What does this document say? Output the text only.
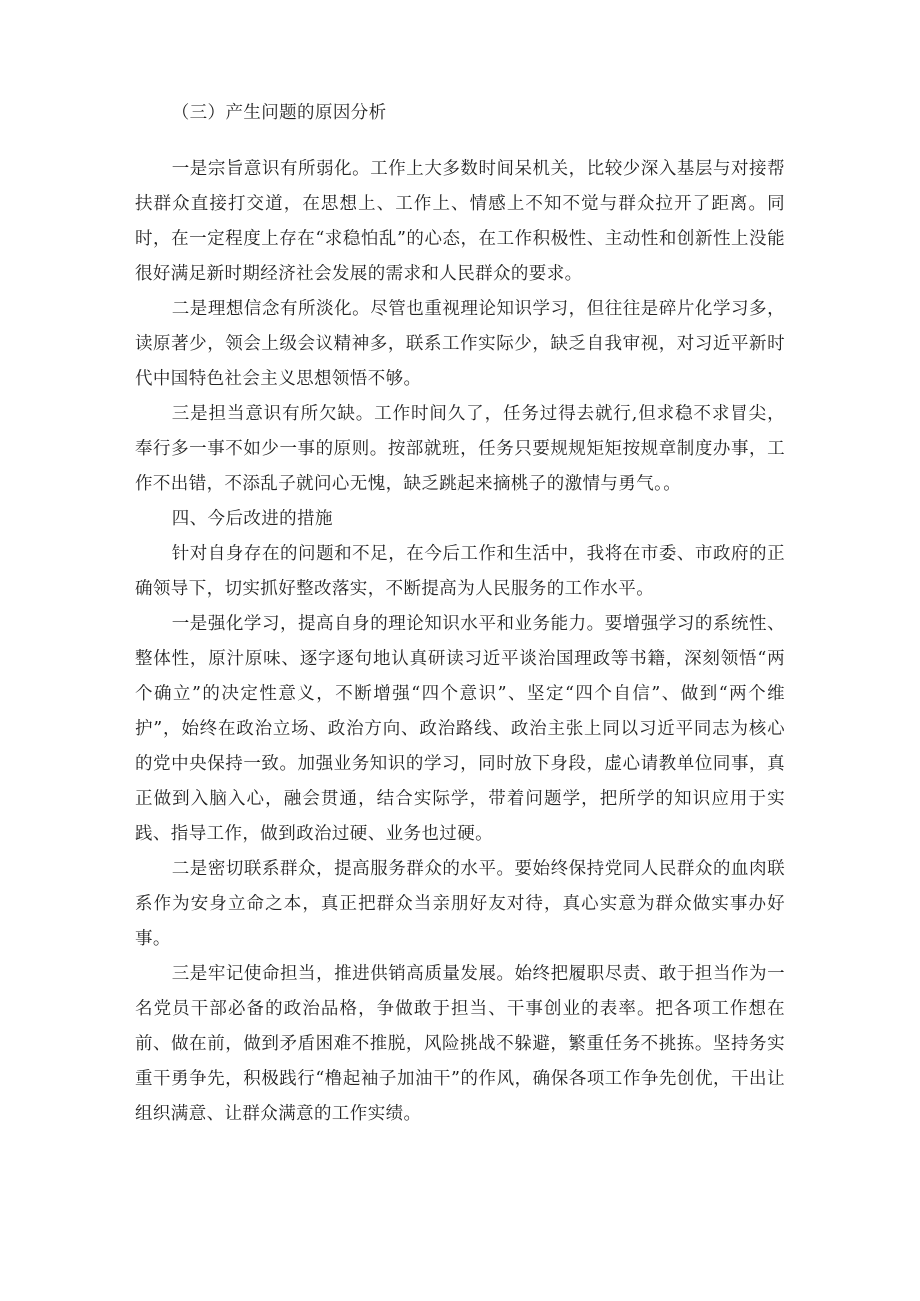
（三）产生问题的原因分析

一是宗旨意识有所弱化。工作上大多数时间呆机关，比较少深入基层与对接帮扶群众直接打交道，在思想上、工作上、情感上不知不觉与群众拉开了距离。同时，在一定程度上存在“求稳怕乱”的心态，在工作积极性、主动性和创新性上没能很好满足新时期经济社会发展的需求和人民群众的要求。

二是理想信念有所淡化。尽管也重视理论知识学习，但往往是碎片化学习多，读原著少，领会上级会议精神多，联系工作实际少，缺乏自我审视，对习近平新时代中国特色社会主义思想领悟不够。

三是担当意识有所欠缺。工作时间久了，任务过得去就行,但求稳不求冒尖，奉行多一事不如少一事的原则。按部就班，任务只要规规矩矩按规章制度办事，工作不出错，不添乱子就问心无愧，缺乏跳起来摘桃子的激情与勇气。。

四、今后改进的措施

针对自身存在的问题和不足，在今后工作和生活中，我将在市委、市政府的正确领导下，切实抓好整改落实，不断提高为人民服务的工作水平。

一是强化学习，提高自身的理论知识水平和业务能力。要增强学习的系统性、整体性，原汁原味、逐字逐句地认真研读习近平谈治国理政等书籍，深刻领悟“两个确立”的决定性意义，不断增强“四个意识”、坚定“四个自信”、做到“两个维护”，始终在政治立场、政治方向、政治路线、政治主张上同以习近平同志为核心的党中央保持一致。加强业务知识的学习，同时放下身段，虚心请教单位同事，真正做到入脑入心，融会贯通，结合实际学，带着问题学，把所学的知识应用于实践、指导工作，做到政治过硬、业务也过硬。

二是密切联系群众，提高服务群众的水平。要始终保持党同人民群众的血肉联系作为安身立命之本，真正把群众当亲朋好友对待，真心实意为群众做实事办好事。

三是牢记使命担当，推进供销高质量发展。始终把履职尽责、敢于担当作为一名党员干部必备的政治品格，争做敢于担当、干事创业的表率。把各项工作想在前、做在前，做到矛盾困难不推脱，风险挑战不躲避，繁重任务不挑拣。坚持务实重干勇争先，积极践行“橹起袖子加油干”的作风，确保各项工作争先创优，干出让组织满意、让群众满意的工作实绩。
